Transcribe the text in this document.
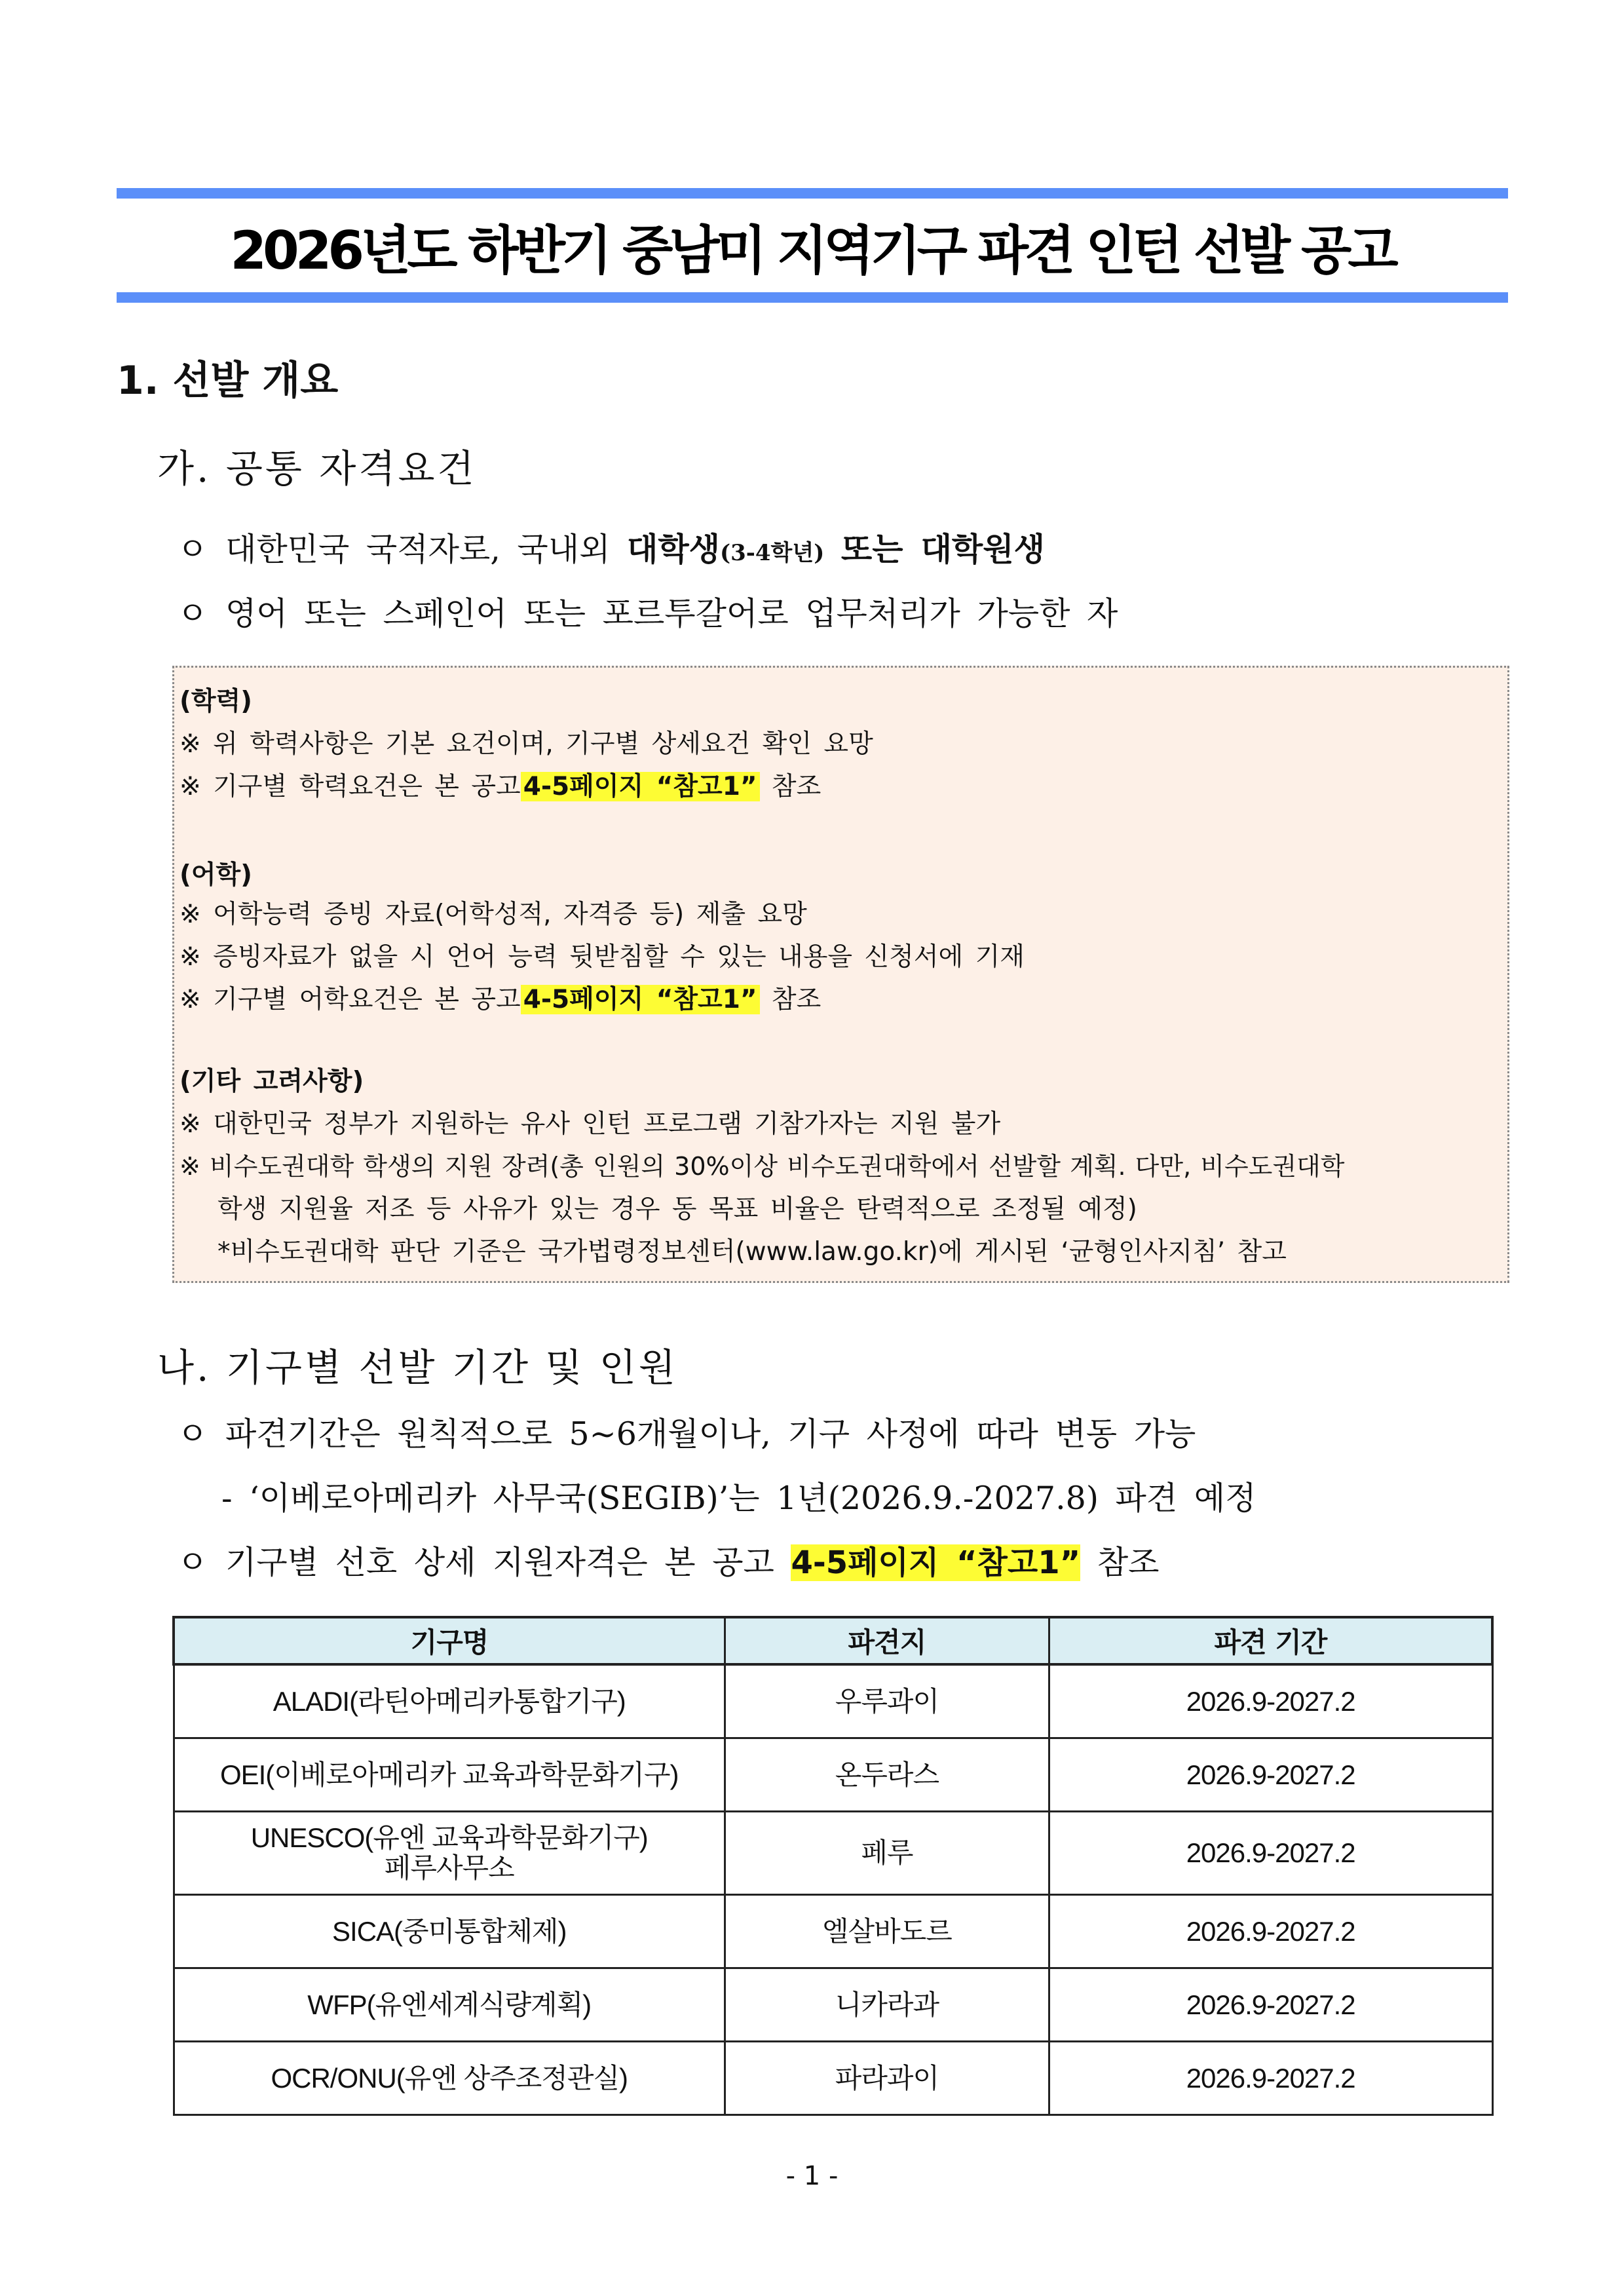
2026년도 하반기 중남미 지역기구 파견 인턴 선발 공고
1. 선발 개요
가. 공통 자격요건
ㅇ 대한민국 국적자로, 국내외 대학생(3-4학년) 또는 대학원생
ㅇ 영어 또는 스페인어 또는 포르투갈어로 업무처리가 가능한 자
(학력)
※ 위 학력사항은 기본 요건이며, 기구별 상세요건 확인 요망
※ 기구별 학력요건은 본 공고 4-5페이지 “참고1” 참조
(어학)
※ 어학능력 증빙 자료(어학성적, 자격증 등) 제출 요망
※ 증빙자료가 없을 시 언어 능력 뒷받침할 수 있는 내용을 신청서에 기재
※ 기구별 어학요건은 본 공고 4-5페이지 “참고1” 참조
(기타 고려사항)
※ 대한민국 정부가 지원하는 유사 인턴 프로그램 기참가자는 지원 불가
※ 비수도권대학 학생의 지원 장려(총 인원의 30%이상 비수도권대학에서 선발할 계획. 다만, 비수도권대학
학생 지원율 저조 등 사유가 있는 경우 동 목표 비율은 탄력적으로 조정될 예정)
*비수도권대학 판단 기준은 국가법령정보센터(www.law.go.kr)에 게시된 ‘균형인사지침’ 참고
나. 기구별 선발 기간 및 인원
ㅇ 파견기간은 원칙적으로 5~6개월이나, 기구 사정에 따라 변동 가능
- ‘이베로아메리카 사무국(SEGIB)’는 1년(2026.9.-2027.8) 파견 예정
ㅇ 기구별 선호 상세 지원자격은 본 공고 4-5페이지 “참고1” 참조
기구명	파견지	파견 기간
ALADI(라틴아메리카통합기구)	우루과이	2026.9-2027.2
OEI(이베로아메리카 교육과학문화기구)	온두라스	2026.9-2027.2
UNESCO(유엔 교육과학문화기구)
페루사무소	페루	2026.9-2027.2
SICA(중미통합체제)	엘살바도르	2026.9-2027.2
WFP(유엔세계식량계획)	니카라과	2026.9-2027.2
OCR/ONU(유엔 상주조정관실)	파라과이	2026.9-2027.2
- 1 -
